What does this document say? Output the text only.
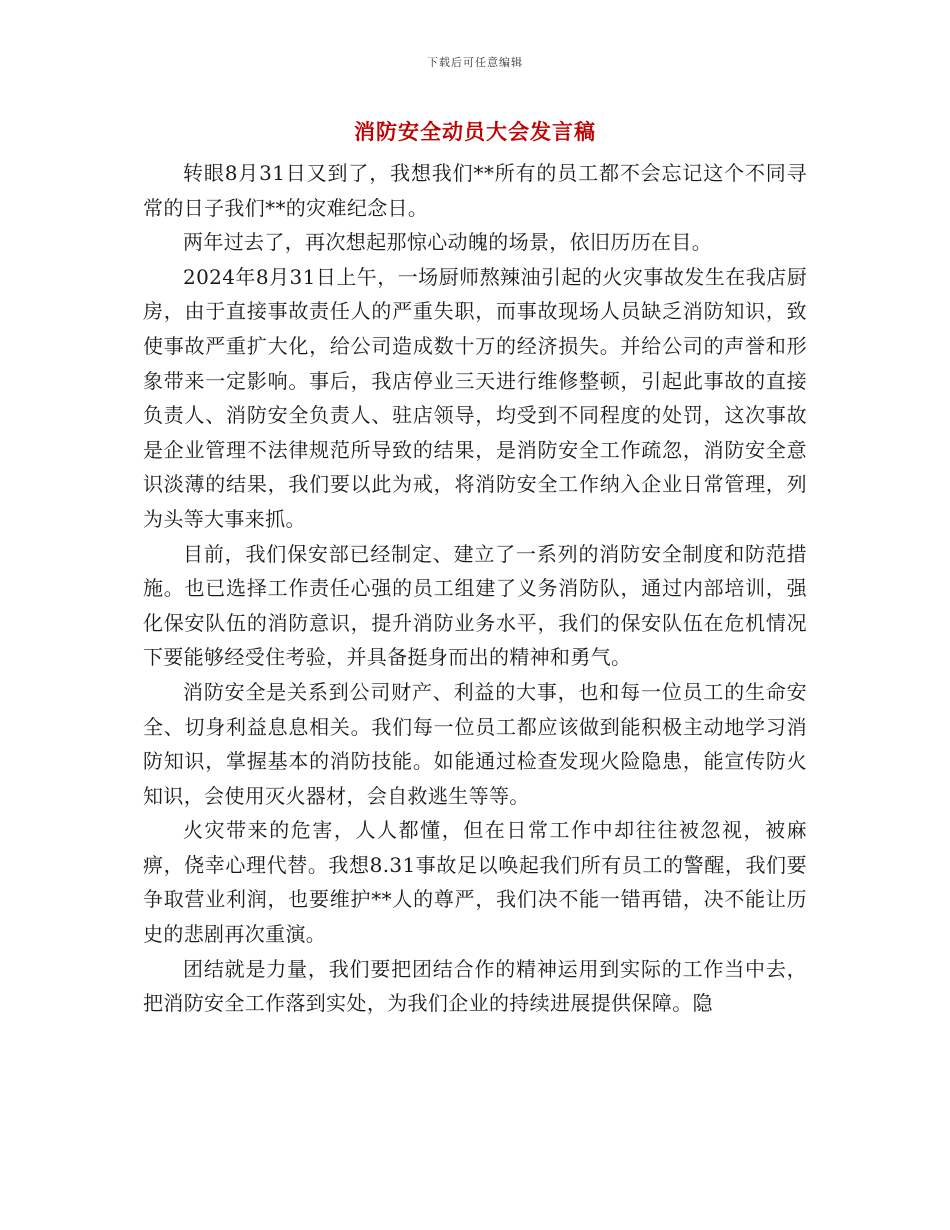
下载后可任意编辑
消防安全动员大会发言稿

转眼8月31日又到了，我想我们**所有的员工都不会忘记这个不同寻常的日子我们**的灾难纪念日。

两年过去了，再次想起那惊心动魄的场景，依旧历历在目。

2024年8月31日上午，一场厨师熬辣油引起的火灾事故发生在我店厨房，由于直接事故责任人的严重失职，而事故现场人员缺乏消防知识，致使事故严重扩大化，给公司造成数十万的经济损失。并给公司的声誉和形象带来一定影响。事后，我店停业三天进行维修整顿，引起此事故的直接负责人、消防安全负责人、驻店领导，均受到不同程度的处罚，这次事故是企业管理不法律规范所导致的结果，是消防安全工作疏忽，消防安全意识淡薄的结果，我们要以此为戒，将消防安全工作纳入企业日常管理，列为头等大事来抓。

目前，我们保安部已经制定、建立了一系列的消防安全制度和防范措施。也已选择工作责任心强的员工组建了义务消防队，通过内部培训，强化保安队伍的消防意识，提升消防业务水平，我们的保安队伍在危机情况下要能够经受住考验，并具备挺身而出的精神和勇气。

消防安全是关系到公司财产、利益的大事，也和每一位员工的生命安全、切身利益息息相关。我们每一位员工都应该做到能积极主动地学习消防知识，掌握基本的消防技能。如能通过检查发现火险隐患，能宣传防火知识，会使用灭火器材，会自救逃生等等。

火灾带来的危害，人人都懂，但在日常工作中却往往被忽视，被麻痹，侥幸心理代替。我想8.31事故足以唤起我们所有员工的警醒，我们要争取营业利润，也要维护**人的尊严，我们决不能一错再错，决不能让历史的悲剧再次重演。

团结就是力量，我们要把团结合作的精神运用到实际的工作当中去，把消防安全工作落到实处，为我们企业的持续进展提供保障。隐
